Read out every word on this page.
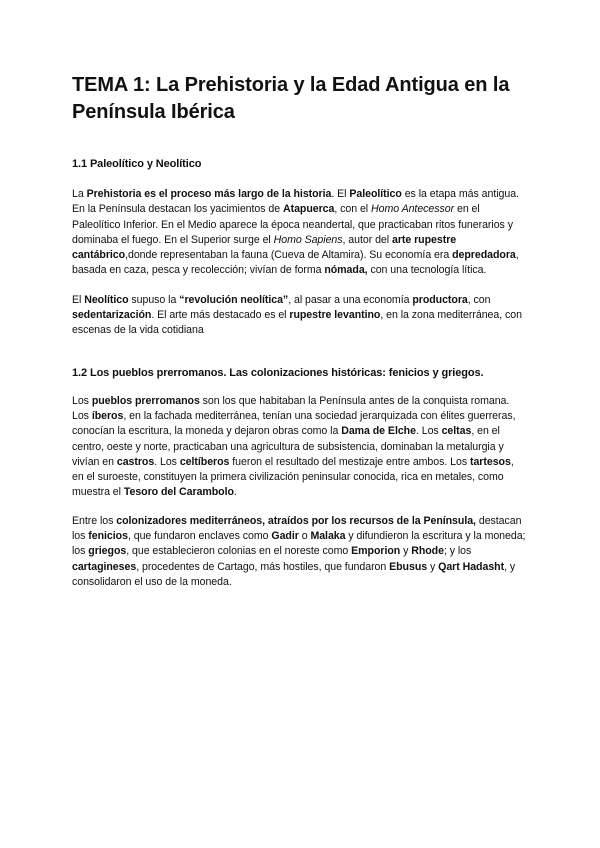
TEMA 1: La Prehistoria y la Edad Antigua en la Península Ibérica
1.1 Paleolítico y Neolítico

La Prehistoria es el proceso más largo de la historia. El Paleolítico es la etapa más antigua. En la Península destacan los yacimientos de Atapuerca, con el Homo Antecessor en el Paleolítico Inferior. En el Medio aparece la época neandertal, que practicaban ritos funerarios y dominaba el fuego. En el Superior surge el Homo Sapiens, autor del arte rupestre cantábrico,donde representaban la fauna (Cueva de Altamira). Su economía era depredadora, basada en caza, pesca y recolección; vivían de forma nómada, con una tecnología lítica.

El Neolítico supuso la “revolución neolítica”, al pasar a una economía productora, con sedentarización. El arte más destacado es el rupestre levantino, en la zona mediterránea, con escenas de la vida cotidiana

1.2 Los pueblos prerromanos. Las colonizaciones históricas: fenicios y griegos.

Los pueblos prerromanos son los que habitaban la Península antes de la conquista romana. Los íberos, en la fachada mediterránea, tenían una sociedad jerarquizada con élites guerreras, conocían la escritura, la moneda y dejaron obras como la Dama de Elche. Los celtas, en el centro, oeste y norte, practicaban una agricultura de subsistencia, dominaban la metalurgia y vivían en castros. Los celtíberos fueron el resultado del mestizaje entre ambos. Los tartesos, en el suroeste, constituyen la primera civilización peninsular conocida, rica en metales, como muestra el Tesoro del Carambolo.

Entre los colonizadores mediterráneos, atraídos por los recursos de la Península, destacan los fenicios, que fundaron enclaves como Gadir o Malaka y difundieron la escritura y la moneda; los griegos, que establecieron colonias en el noreste como Emporion y Rhode; y los cartagineses, procedentes de Cartago, más hostiles, que fundaron Ebusus y Qart Hadasht, y consolidaron el uso de la moneda.
